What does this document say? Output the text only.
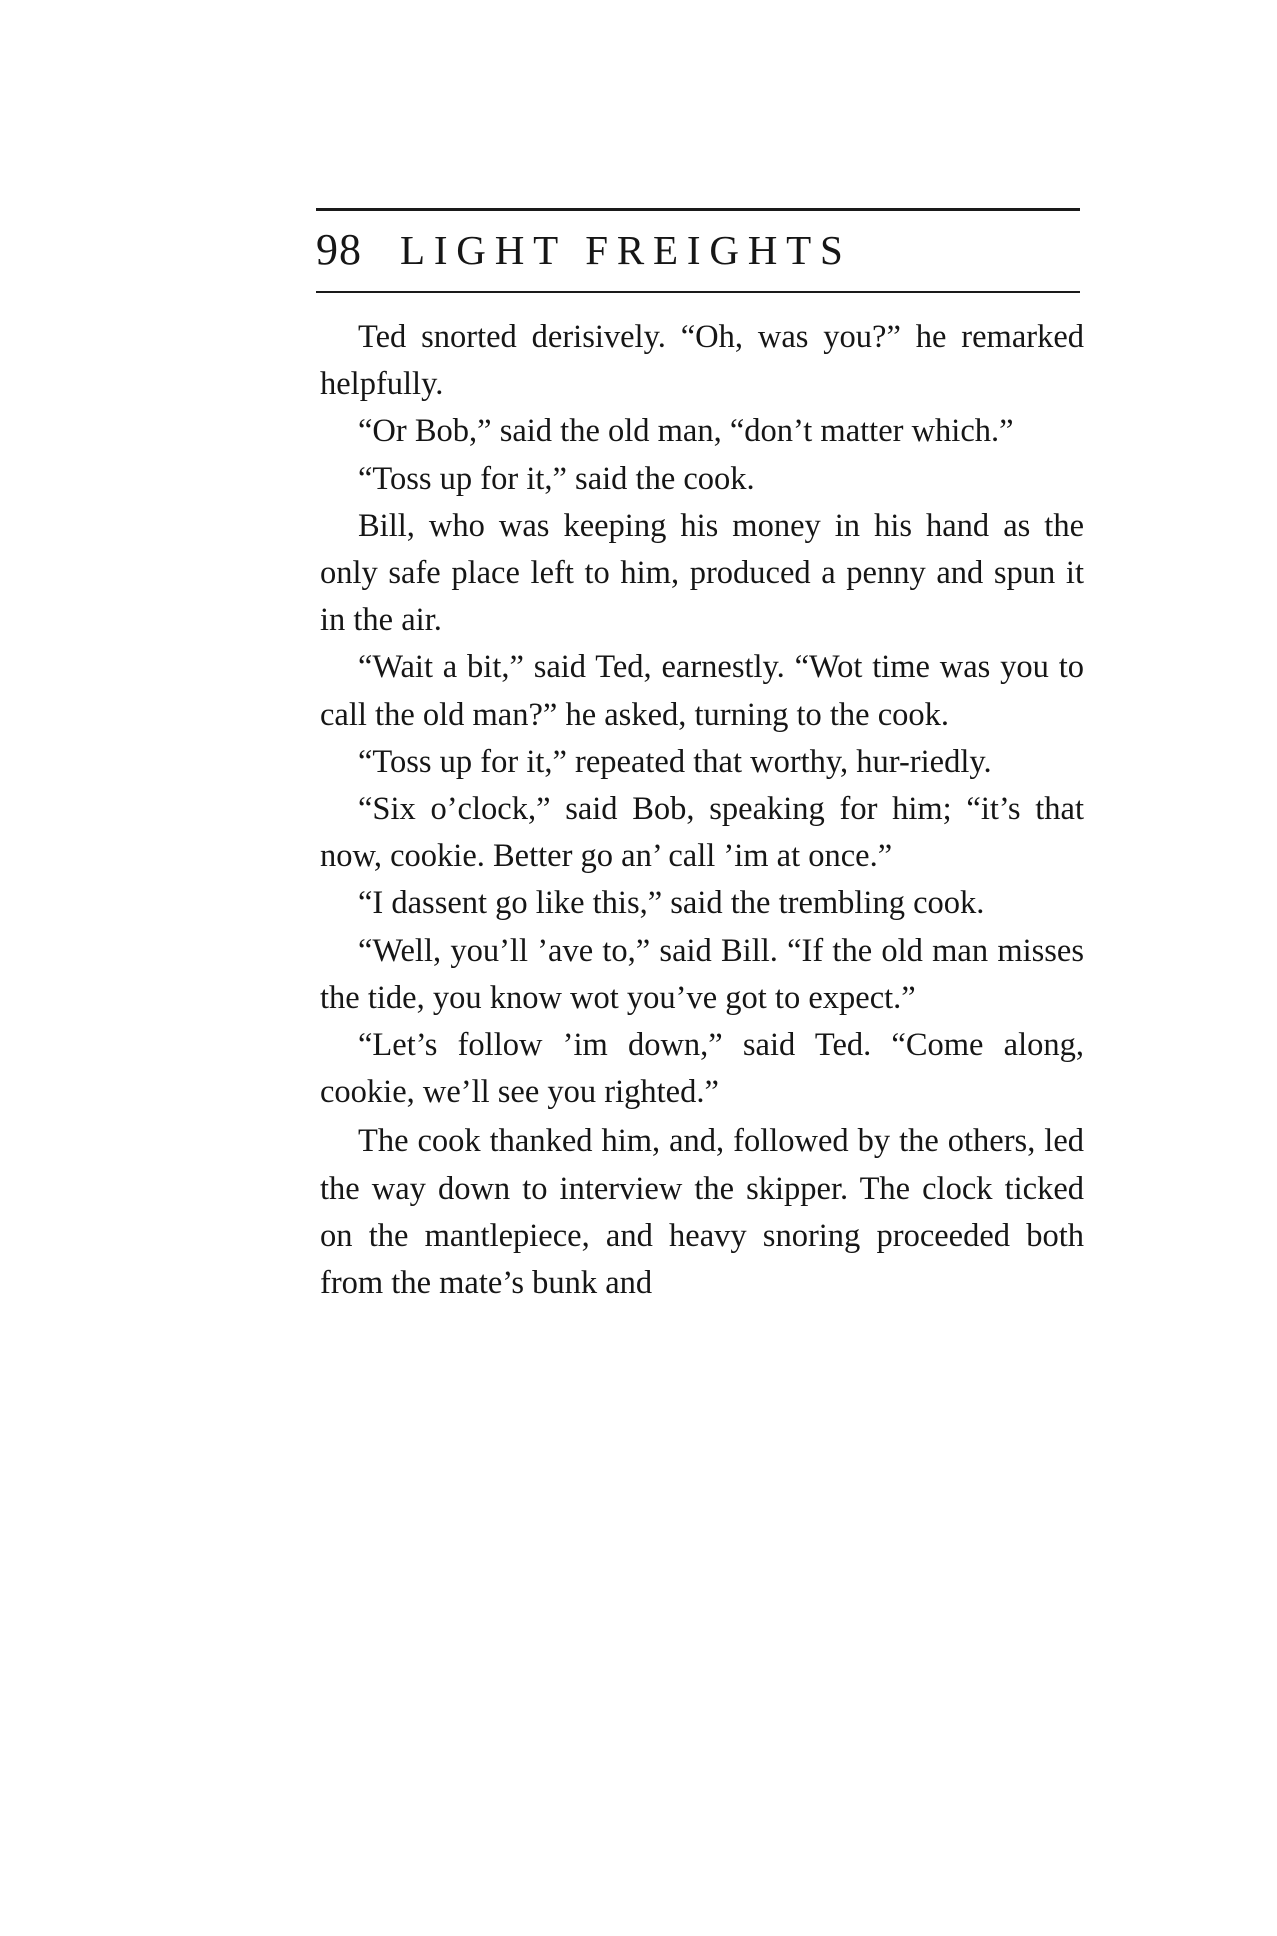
98 LIGHT FREIGHTS

Ted snorted derisively. “Oh, was you?” he remarked helpfully.

“Or Bob,” said the old man, “don’t matter which.”

“Toss up for it,” said the cook.

Bill, who was keeping his money in his hand as the only safe place left to him, produced a penny and spun it in the air.

“Wait a bit,” said Ted, earnestly. “Wot time was you to call the old man?” he asked, turning to the cook.

“Toss up for it,” repeated that worthy, hur-riedly.

“Six o’clock,” said Bob, speaking for him; “it’s that now, cookie. Better go an’ call ’im at once.”

“I dassent go like this,” said the trembling cook.

“Well, you’ll ’ave to,” said Bill. “If the old man misses the tide, you know wot you’ve got to expect.”

“Let’s follow ’im down,” said Ted. “Come along, cookie, we’ll see you righted.”

The cook thanked him, and, followed by the others, led the way down to interview the skipper. The clock ticked on the mantlepiece, and heavy snoring proceeded both from the mate’s bunk and
